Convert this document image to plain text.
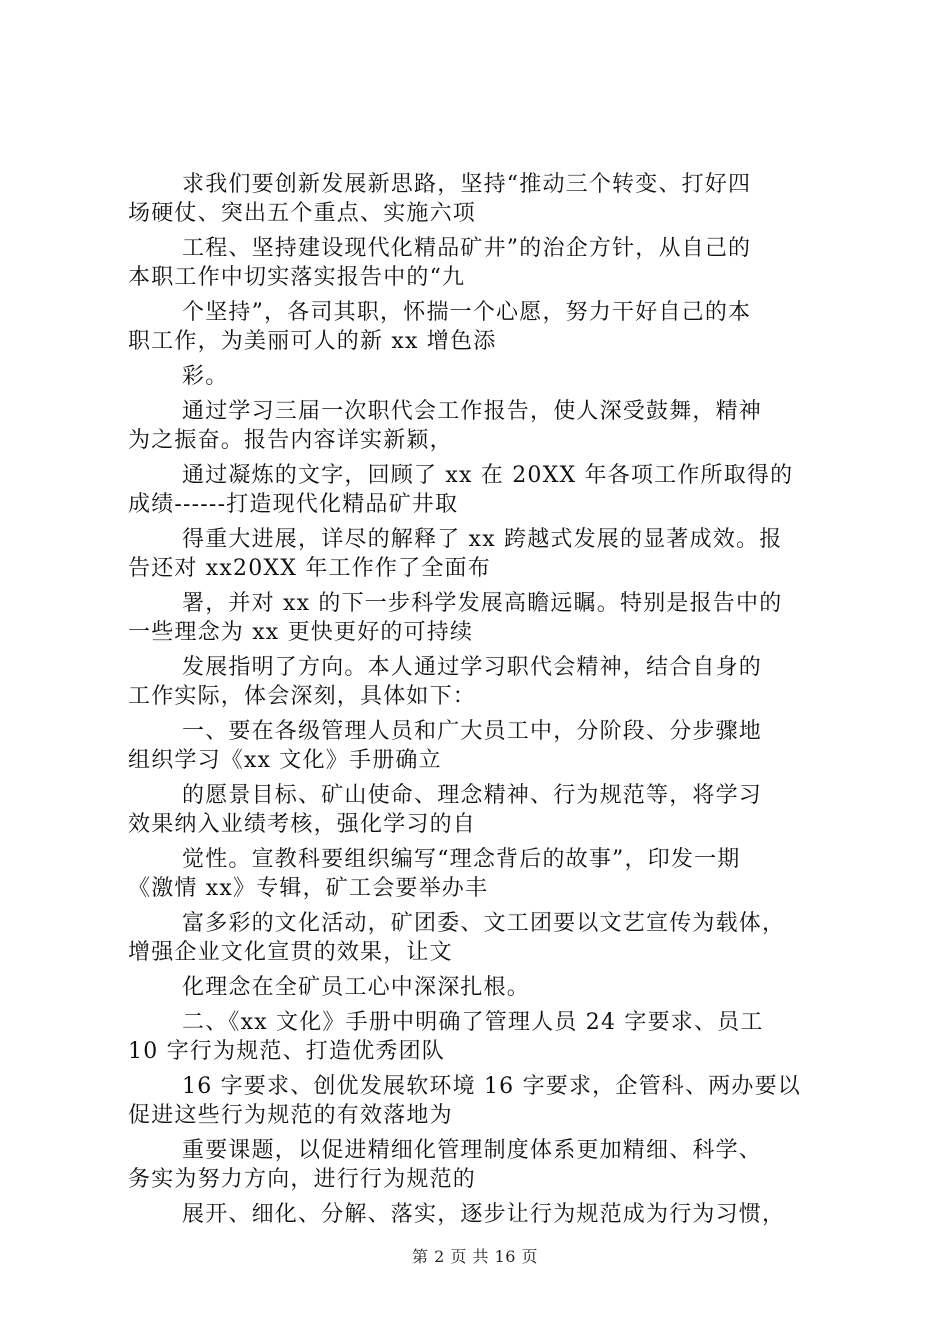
求我们要创新发展新思路，坚持“推动三个转变、打好四
场硬仗、突出五个重点、实施六项

工程、坚持建设现代化精品矿井”的治企方针，从自己的
本职工作中切实落实报告中的“九

个坚持”，各司其职，怀揣一个心愿，努力干好自己的本
职工作，为美丽可人的新 xx 增色添

彩。

通过学习三届一次职代会工作报告，使人深受鼓舞，精神
为之振奋。报告内容详实新颖，

通过凝炼的文字，回顾了 xx 在 20XX 年各项工作所取得的
成绩------打造现代化精品矿井取

得重大进展，详尽的解释了 xx 跨越式发展的显著成效。报
告还对 xx20XX 年工作作了全面布

署，并对 xx 的下一步科学发展高瞻远瞩。特别是报告中的
一些理念为 xx 更快更好的可持续

发展指明了方向。本人通过学习职代会精神，结合自身的
工作实际，体会深刻，具体如下：

一、要在各级管理人员和广大员工中，分阶段、分步骤地
组织学习《xx 文化》手册确立

的愿景目标、矿山使命、理念精神、行为规范等，将学习
效果纳入业绩考核，强化学习的自

觉性。宣教科要组织编写“理念背后的故事”，印发一期
《激情 xx》专辑，矿工会要举办丰

富多彩的文化活动，矿团委、文工团要以文艺宣传为载体，
增强企业文化宣贯的效果，让文

化理念在全矿员工心中深深扎根。

二、《xx 文化》手册中明确了管理人员 24 字要求、员工
10 字行为规范、打造优秀团队

16 字要求、创优发展软环境 16 字要求，企管科、两办要以
促进这些行为规范的有效落地为

重要课题，以促进精细化管理制度体系更加精细、科学、
务实为努力方向，进行行为规范的

展开、细化、分解、落实，逐步让行为规范成为行为习惯，

第 2 页 共 16 页
